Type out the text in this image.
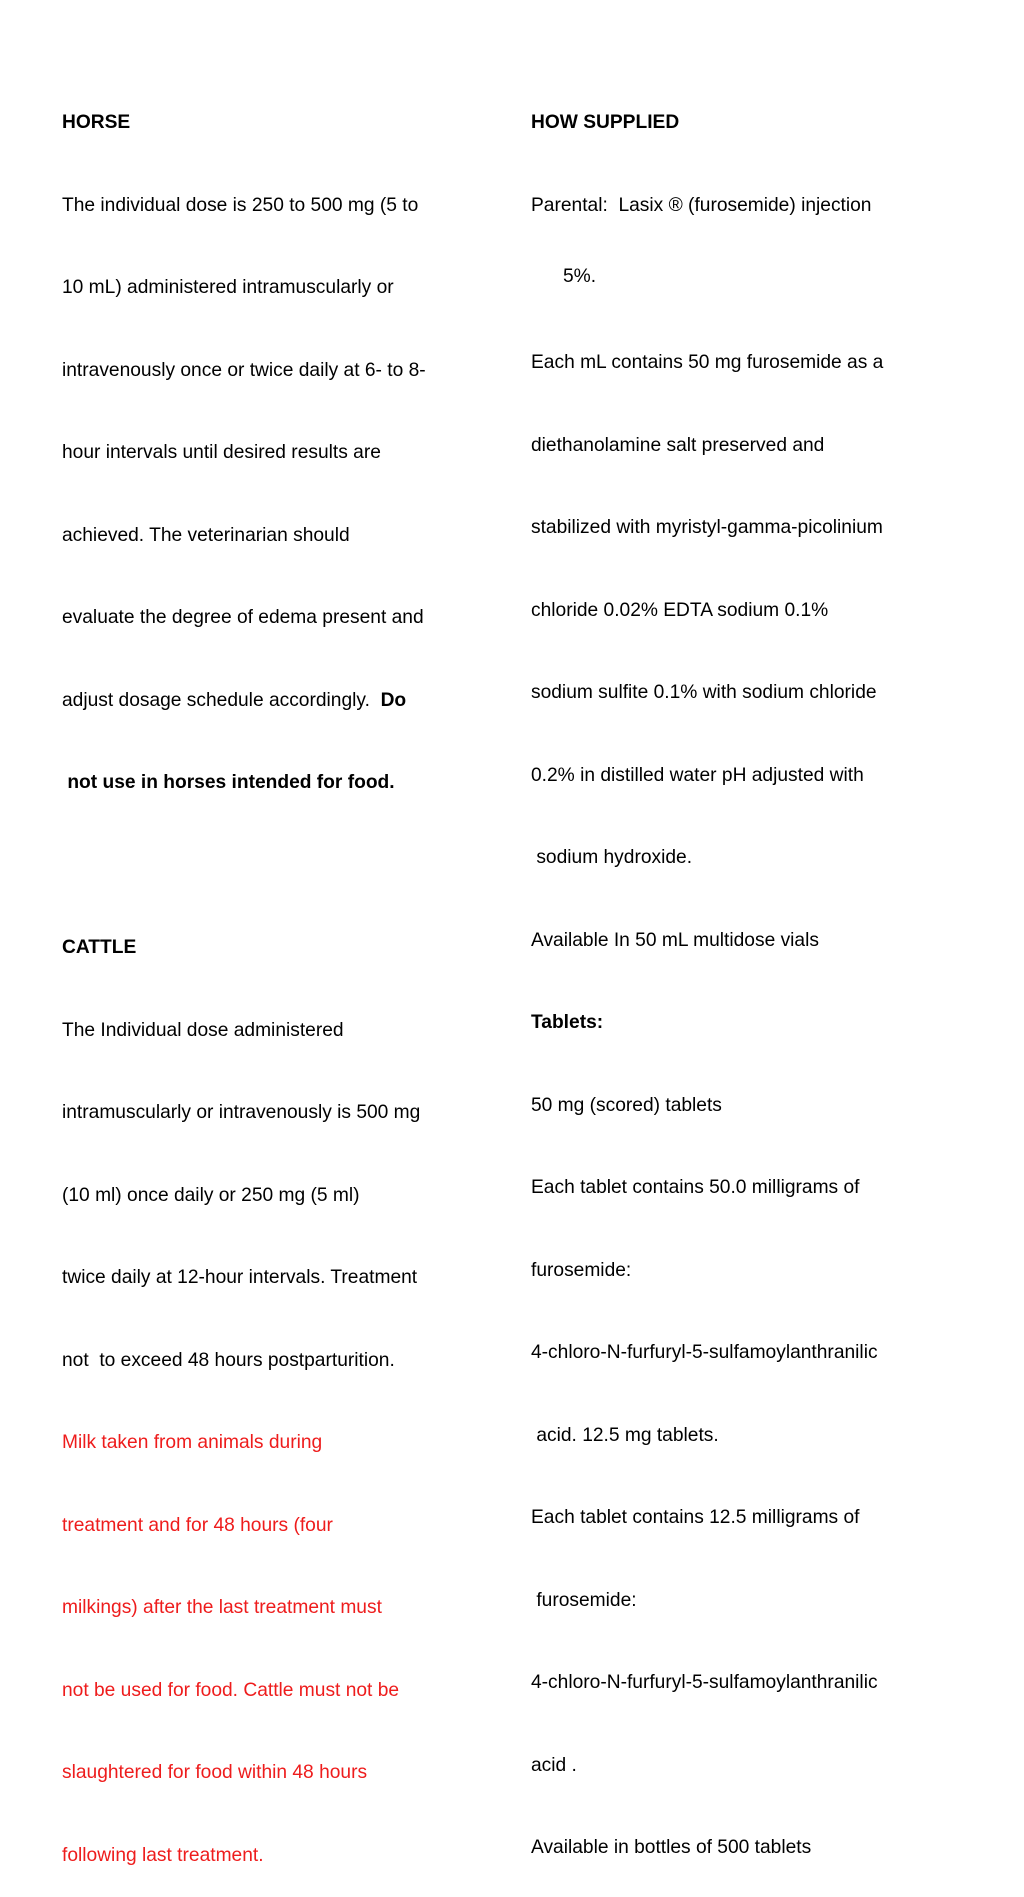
HORSE

The individual dose is 250 to 500 mg (5 to

10 mL) administered intramuscularly or

intravenously once or twice daily at 6- to 8-

hour intervals until desired results are

achieved. The veterinarian should

evaluate the degree of edema present and

adjust dosage schedule accordingly.  Do

not use in horses intended for food.

CATTLE

The Individual dose administered

intramuscularly or intravenously is 500 mg

(10 ml) once daily or 250 mg (5 ml)

twice daily at 12-hour intervals. Treatment

not  to exceed 48 hours postparturition.

Milk taken from animals during

treatment and for 48 hours (four

milkings) after the last treatment must

not be used for food. Cattle must not be

slaughtered for food within 48 hours

following last treatment.

HOW SUPPLIED

Parental:  Lasix ® (furosemide) injection

5%.

Each mL contains 50 mg furosemide as a

diethanolamine salt preserved and

stabilized with myristyl-gamma-picolinium

chloride 0.02% EDTA sodium 0.1%

sodium sulfite 0.1% with sodium chloride

0.2% in distilled water pH adjusted with

sodium hydroxide.

Available In 50 mL multidose vials

Tablets:

50 mg (scored) tablets

Each tablet contains 50.0 milligrams of

furosemide:

4-chloro-N-furfuryl-5-sulfamoylanthranilic

acid. 12.5 mg tablets.

Each tablet contains 12.5 milligrams of

furosemide:

4-chloro-N-furfuryl-5-sulfamoylanthranilic

acid .

Available in bottles of 500 tablets
